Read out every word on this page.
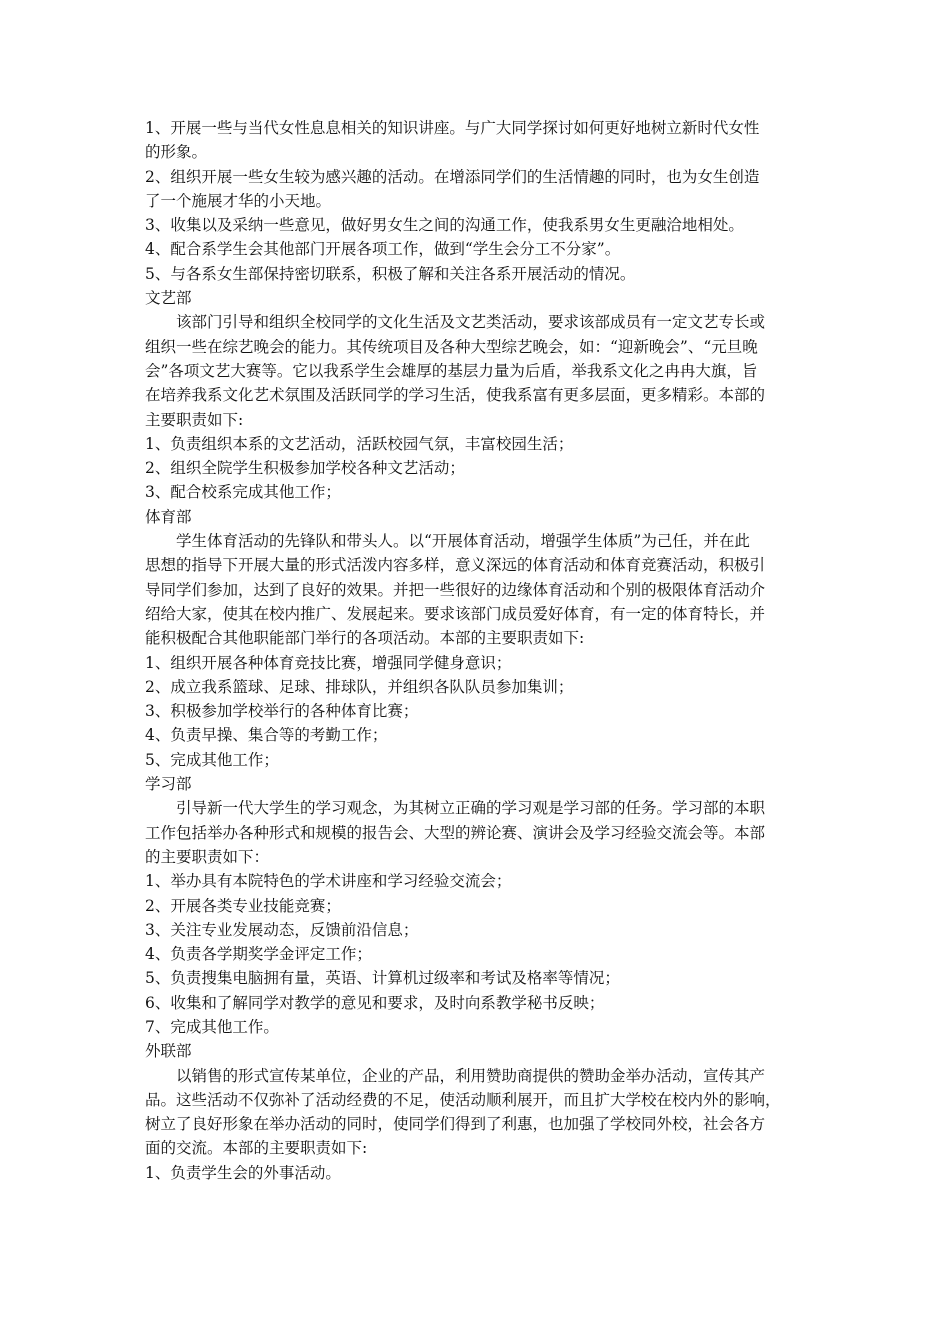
1、开展一些与当代女性息息相关的知识讲座。与广大同学探讨如何更好地树立新时代女性
的形象。
2、组织开展一些女生较为感兴趣的活动。在增添同学们的生活情趣的同时，也为女生创造
了一个施展才华的小天地。
3、收集以及采纳一些意见，做好男女生之间的沟通工作，使我系男女生更融洽地相处。
4、配合系学生会其他部门开展各项工作，做到“学生会分工不分家”。
5、与各系女生部保持密切联系，积极了解和关注各系开展活动的情况。
文艺部
该部门引导和组织全校同学的文化生活及文艺类活动，要求该部成员有一定文艺专长或
组织一些在综艺晚会的能力。其传统项目及各种大型综艺晚会，如：“迎新晚会”、“元旦晚
会”各项文艺大赛等。它以我系学生会雄厚的基层力量为后盾，举我系文化之冉冉大旗，旨
在培养我系文化艺术氛围及活跃同学的学习生活，使我系富有更多层面，更多精彩。本部的
主要职责如下:
1、负责组织本系的文艺活动，活跃校园气氛，丰富校园生活；
2、组织全院学生积极参加学校各种文艺活动；
3、配合校系完成其他工作；
体育部
学生体育活动的先锋队和带头人。以“开展体育活动，增强学生体质”为己任，并在此
思想的指导下开展大量的形式活泼内容多样，意义深远的体育活动和体育竞赛活动，积极引
导同学们参加，达到了良好的效果。并把一些很好的边缘体育活动和个别的极限体育活动介
绍给大家，使其在校内推广、发展起来。要求该部门成员爱好体育，有一定的体育特长，并
能积极配合其他职能部门举行的各项活动。本部的主要职责如下:
1、组织开展各种体育竞技比赛，增强同学健身意识；
2、成立我系篮球、足球、排球队，并组织各队队员参加集训；
3、积极参加学校举行的各种体育比赛；
4、负责早操、集合等的考勤工作；
5、完成其他工作；
学习部
引导新一代大学生的学习观念，为其树立正确的学习观是学习部的任务。学习部的本职
工作包括举办各种形式和规模的报告会、大型的辨论赛、演讲会及学习经验交流会等。本部
的主要职责如下：
1、举办具有本院特色的学术讲座和学习经验交流会；
2、开展各类专业技能竞赛；
3、关注专业发展动态，反馈前沿信息；
4、负责各学期奖学金评定工作；
5、负责搜集电脑拥有量，英语、计算机过级率和考试及格率等情况；
6、收集和了解同学对教学的意见和要求，及时向系教学秘书反映；
7、完成其他工作。
外联部
以销售的形式宣传某单位，企业的产品，利用赞助商提供的赞助金举办活动，宣传其产
品。这些活动不仅弥补了活动经费的不足，使活动顺利展开，而且扩大学校在校内外的影响，
树立了良好形象在举办活动的同时，使同学们得到了利惠，也加强了学校同外校，社会各方
面的交流。本部的主要职责如下:
1、负责学生会的外事活动。
